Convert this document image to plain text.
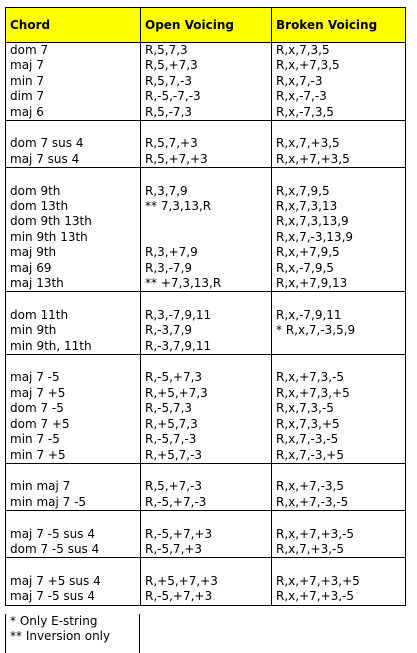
Chord	Open Voicing	Broken Voicing
dom 7	R,5,7,3	R,x,7,3,5
maj 7	R,5,+7,3	R,x,+7,3,5
min 7	R,5,7,-3	R,x,7,-3
dim 7	R,-5,-7,-3	R,x,-7,-3
maj 6	R,5,-7,3	R,x,-7,3,5

dom 7 sus 4	R,5,7,+3	R,x,7,+3,5
maj 7 sus 4	R,5,+7,+3	R,x,+7,+3,5

dom 9th	R,3,7,9	R,x,7,9,5
dom 13th	** 7,3,13,R	R,x,7,3,13
dom 9th 13th		R,x,7,3,13,9
min 9th 13th		R,x,7,-3,13,9
maj 9th	R,3,+7,9	R,x,+7,9,5
maj 69	R,3,-7,9	R,x,-7,9,5
maj 13th	** +7,3,13,R	R,x,+7,9,13

dom 11th	R,3,-7,9,11	R,x,-7,9,11
min 9th	R,-3,7,9	* R,x,7,-3,5,9
min 9th, 11th	R,-3,7,9,11	

maj 7 -5	R,-5,+7,3	R,x,+7,3,-5
maj 7 +5	R,+5,+7,3	R,x,+7,3,+5
dom 7 -5	R,-5,7,3	R,x,7,3,-5
dom 7 +5	R,+5,7,3	R,x,7,3,+5
min 7 -5	R,-5,7,-3	R,x,7,-3,-5
min 7 +5	R,+5,7,-3	R,x,7,-3,+5

min maj 7	R,5,+7,-3	R,x,+7,-3,5
min maj 7 -5	R,-5,+7,-3	R,x,+7,-3,-5

maj 7 -5 sus 4	R,-5,+7,+3	R,x,+7,+3,-5
dom 7 -5 sus 4	R,-5,7,+3	R,x,7,+3,-5

maj 7 +5 sus 4	R,+5,+7,+3	R,x,+7,+3,+5
maj 7 -5 sus 4	R,-5,+7,+3	R,x,+7,+3,-5
* Only E-string
** Inversion only
